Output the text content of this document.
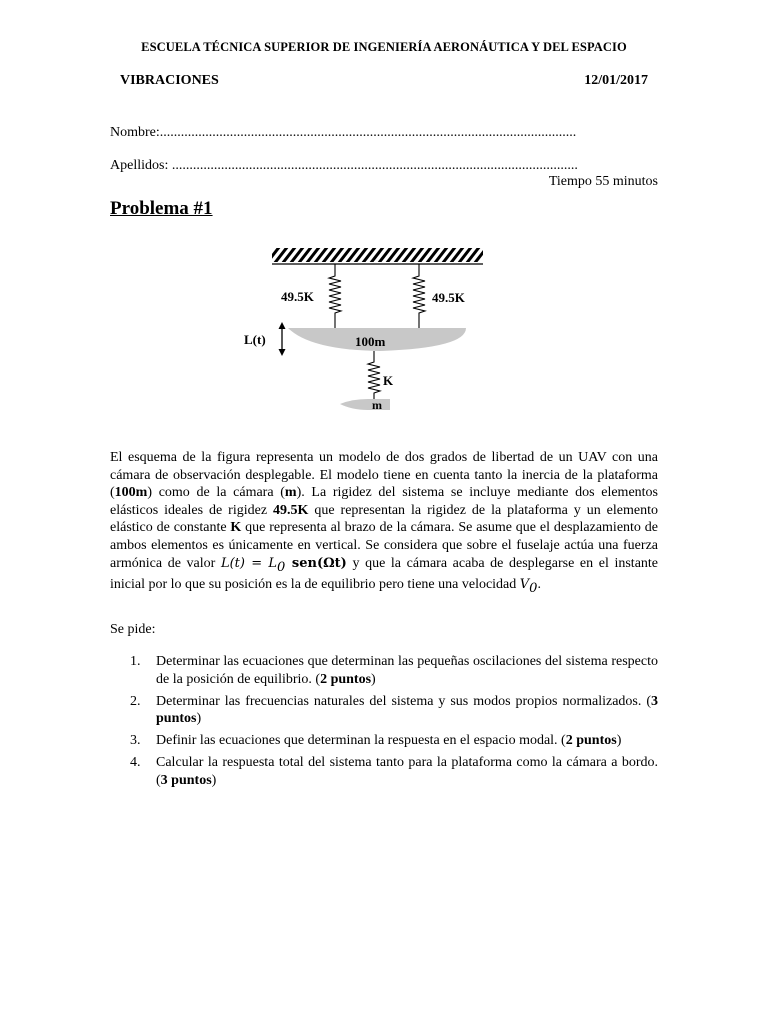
ESCUELA TÉCNICA SUPERIOR DE INGENIERÍA AERONÁUTICA Y DEL ESPACIO
VIBRACIONES	12/01/2017
Nombre:.......................................................................................................................
Apellidos: ....................................................................................................................
Tiempo 55 minutos
Problema #1
49.5K	49.5K
100m
L(t)
K
m
El esquema de la figura representa un modelo de dos grados de libertad de un UAV con una cámara de observación desplegable. El modelo tiene en cuenta tanto la inercia de la plataforma (100m) como de la cámara (m). La rigidez del sistema se incluye mediante dos elementos elásticos ideales de rigidez 49.5K que representan la rigidez de la plataforma y un elemento elástico de constante K que representa al brazo de la cámara. Se asume que el desplazamiento de ambos elementos es únicamente en vertical. Se considera que sobre el fuselaje actúa una fuerza armónica de valor $L(t) = L_0$ sen(Ωt) y que la cámara acaba de desplegarse en el instante inicial por lo que su posición es la de equilibrio pero tiene una velocidad $V_0$.
Se pide:
1. Determinar las ecuaciones que determinan las pequeñas oscilaciones del sistema respecto de la posición de equilibrio. (2 puntos)
2. Determinar las frecuencias naturales del sistema y sus modos propios normalizados. (3 puntos)
3. Definir las ecuaciones que determinan la respuesta en el espacio modal. (2 puntos)
4. Calcular la respuesta total del sistema tanto para la plataforma como la cámara a bordo. (3 puntos)
